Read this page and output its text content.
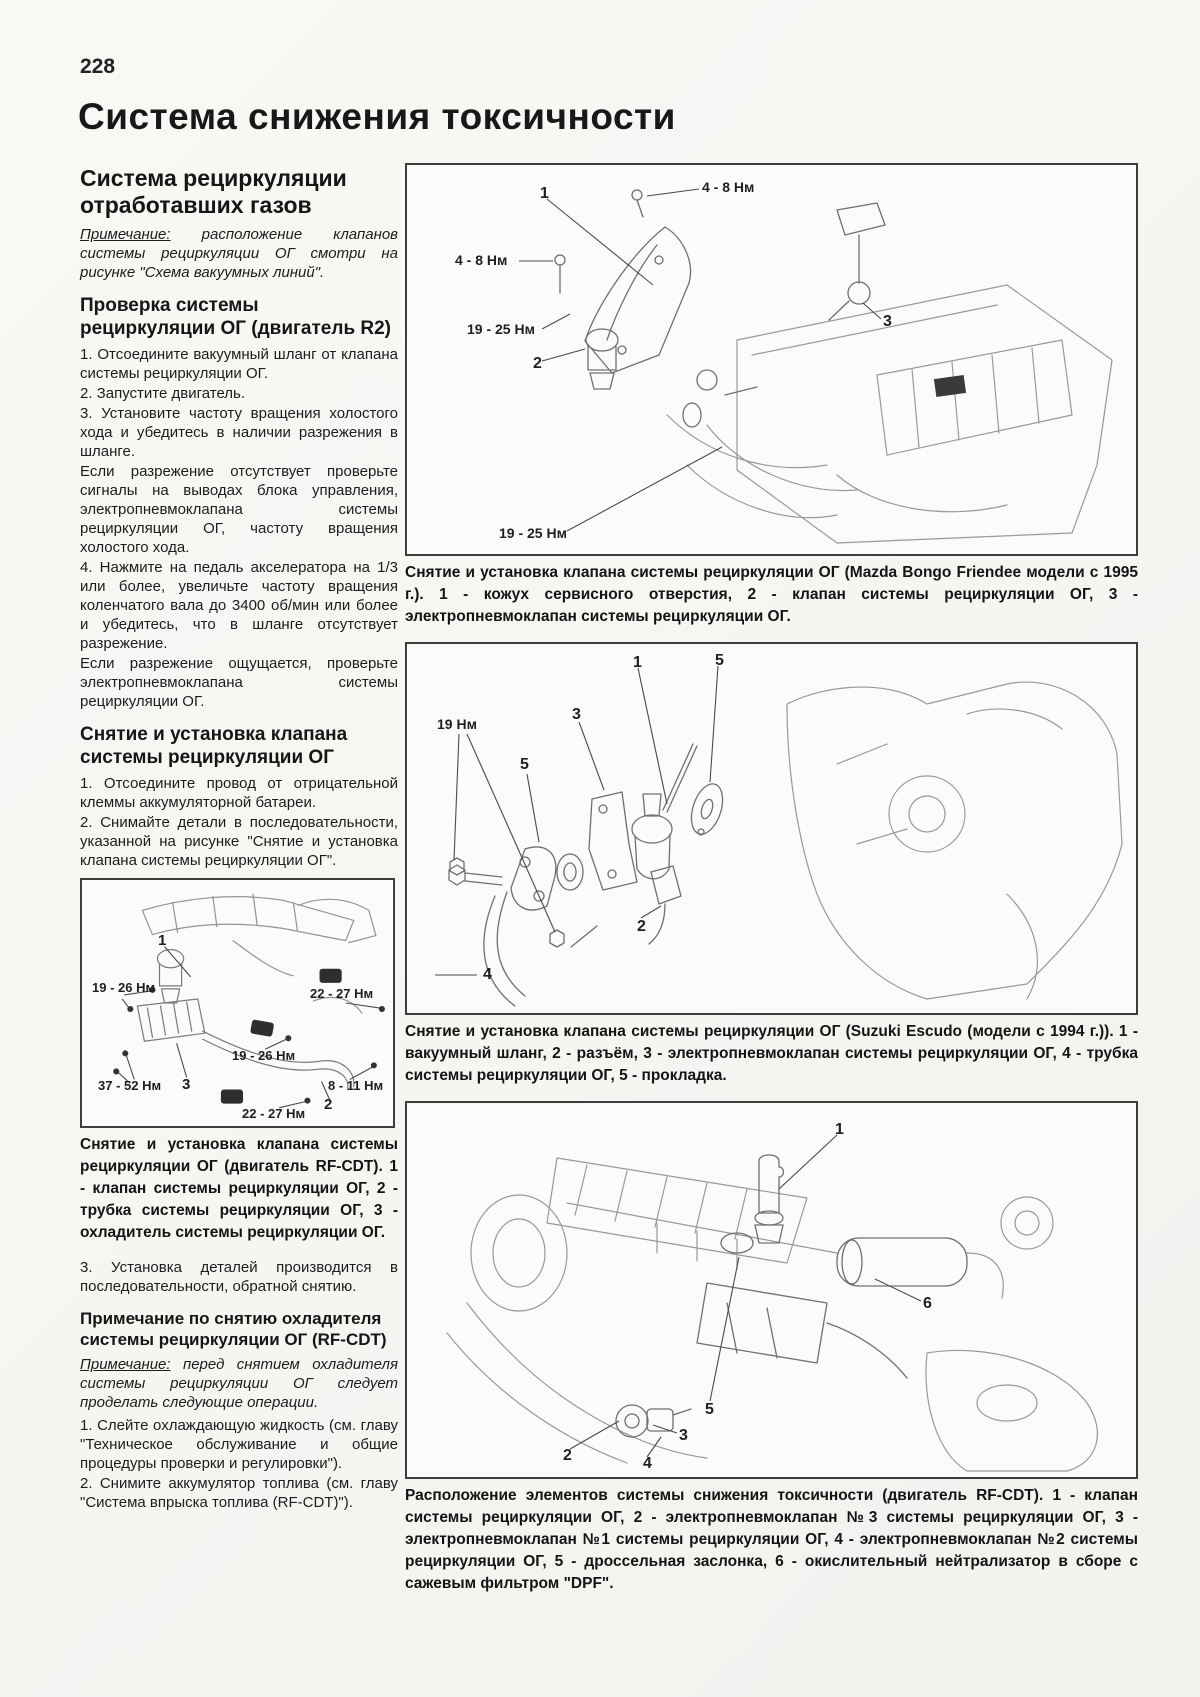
228
Система снижения токсичности
Система рециркуляции отработавших газов

Примечание: расположение клапанов системы рециркуляции ОГ смотри на рисунке "Схема вакуумных линий".

Проверка системы рециркуляции ОГ (двигатель R2)

1. Отсоедините вакуумный шланг от клапана системы рециркуляции ОГ.

2. Запустите двигатель.

3. Установите частоту вращения холостого хода и убедитесь в наличии разрежения в шланге.

Если разрежение отсутствует проверьте сигналы на выводах блока управления, электропневмоклапана системы рециркуляции ОГ, частоту вращения холостого хода.

4. Нажмите на педаль акселератора на 1/3 или более, увеличьте частоту вращения коленчатого вала до 3400 об/мин или более и убедитесь, что в шланге отсутствует разрежение.

Если разрежение ощущается, проверьте электропневмоклапана системы рециркуляции ОГ.

Снятие и установка клапана системы рециркуляции ОГ

1. Отсоедините провод от отрицательной клеммы аккумуляторной батареи.

2. Снимайте детали в последовательности, указанной на рисунке "Снятие и установка клапана системы рециркуляции ОГ".

1
19 - 26 Нм	22 - 27 Нм
19 - 26 Нм
37 - 52 Нм 3	8 - 11 Нм
2
22 - 27 Нм

Снятие и установка клапана системы рециркуляции ОГ (двигатель RF-CDT). 1 - клапан системы рециркуляции ОГ, 2 - трубка системы рециркуляции ОГ, 3 - охладитель системы рециркуляции ОГ.

3. Установка деталей производится в последовательности, обратной снятию.

Примечание по снятию охладителя системы рециркуляции ОГ (RF-CDT)

Примечание: перед снятием охладителя системы рециркуляции ОГ следует проделать следующие операции.

1. Слейте охлаждающую жидкость (см. главу "Техническое обслуживание и общие процедуры проверки и регулировки").

2. Снимите аккумулятор топлива (см. главу "Система впрыска топлива (RF-CDT)").

4 - 8 Нм
1
4 - 8 Нм
19 - 25 Нм
2
3
19 - 25 Нм

Снятие и установка клапана системы рециркуляции ОГ (Mazda Bongo Friendee модели с 1995 г.). 1 - кожух сервисного отверстия, 2 - клапан системы рециркуляции ОГ, 3 - электропневмоклапан системы рециркуляции ОГ.

1	5
3
19 Нм
5
2
4

Снятие и установка клапана системы рециркуляции ОГ (Suzuki Escudo (модели с 1994 г.)). 1 - вакуумный шланг, 2 - разъём, 3 - электропневмоклапан системы рециркуляции ОГ, 4 - трубка системы рециркуляции ОГ, 5 - прокладка.

1
6
5
3
2	4

Расположение элементов системы снижения токсичности (двигатель RF-CDT). 1 - клапан системы рециркуляции ОГ, 2 - электропневмоклапан №3 системы рециркуляции ОГ, 3 - электропневмоклапан №1 системы рециркуляции ОГ, 4 - электропневмоклапан №2 системы рециркуляции ОГ, 5 - дроссельная заслонка, 6 - окислительный нейтрализатор в сборе с сажевым фильтром "DPF".
